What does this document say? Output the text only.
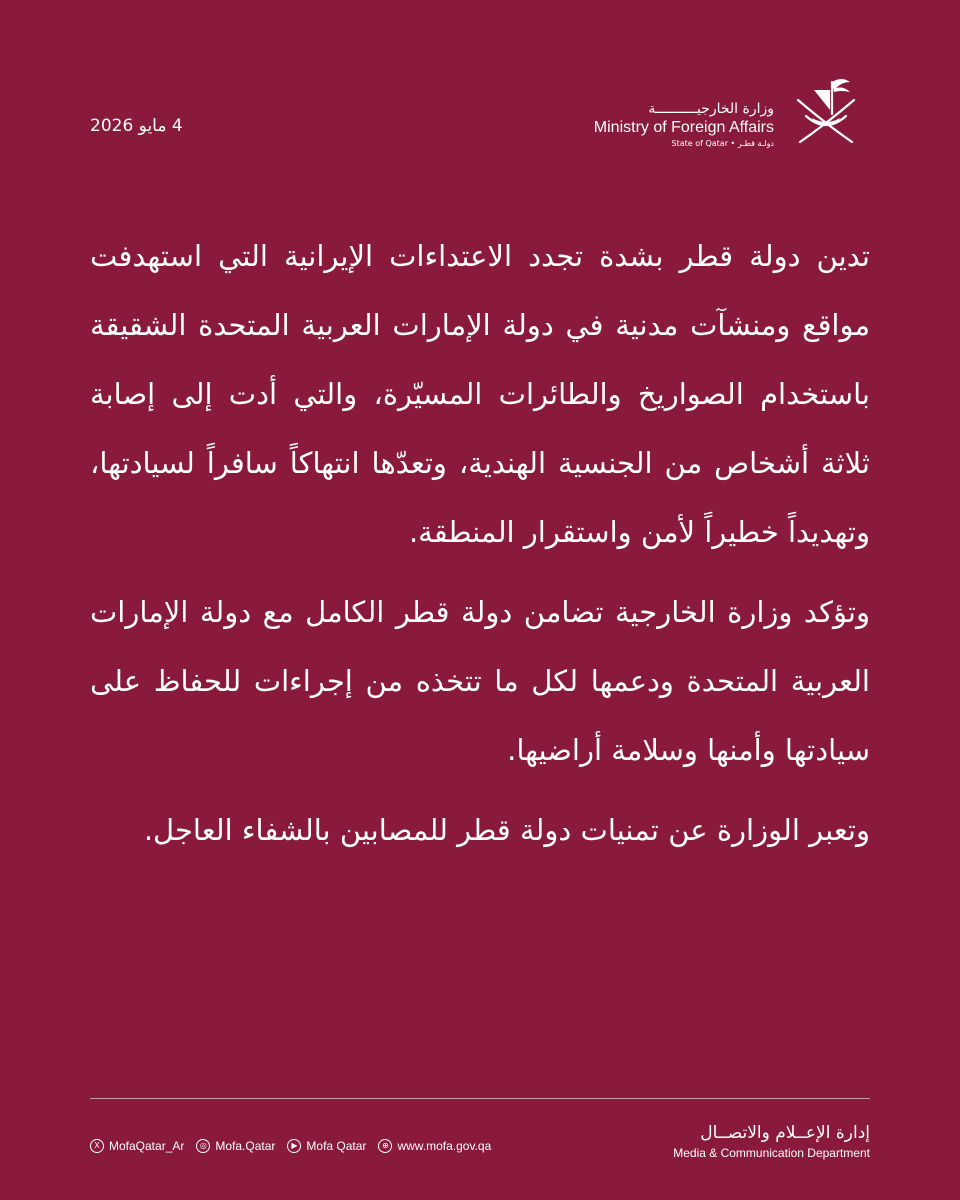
4 مايو 2026
وزارة الخارجيــــــــــة
Ministry of Foreign Affairs
State of Qatar • دولـة قطـر

تدين دولة قطر بشدة تجدد الاعتداءات الإيرانية التي استهدفت مواقع ومنشآت مدنية في دولة الإمارات العربية المتحدة الشقيقة باستخدام الصواريخ والطائرات المسيّرة، والتي أدت إلى إصابة ثلاثة أشخاص من الجنسية الهندية، وتعدّها انتهاكاً سافراً لسيادتها، وتهديداً خطيراً لأمن واستقرار المنطقة.

وتؤكد وزارة الخارجية تضامن دولة قطر الكامل مع دولة الإمارات العربية المتحدة ودعمها لكل ما تتخذه من إجراءات للحفاظ على سيادتها وأمنها وسلامة أراضيها.

وتعبر الوزارة عن تمنيات دولة قطر للمصابين بالشفاء العاجل.

X MofaQatar_Ar	◎ Mofa.Qatar	▶ Mofa Qatar	⊕ www.mofa.gov.qa
إدارة الإعــلام والاتصــال
Media & Communication Department
